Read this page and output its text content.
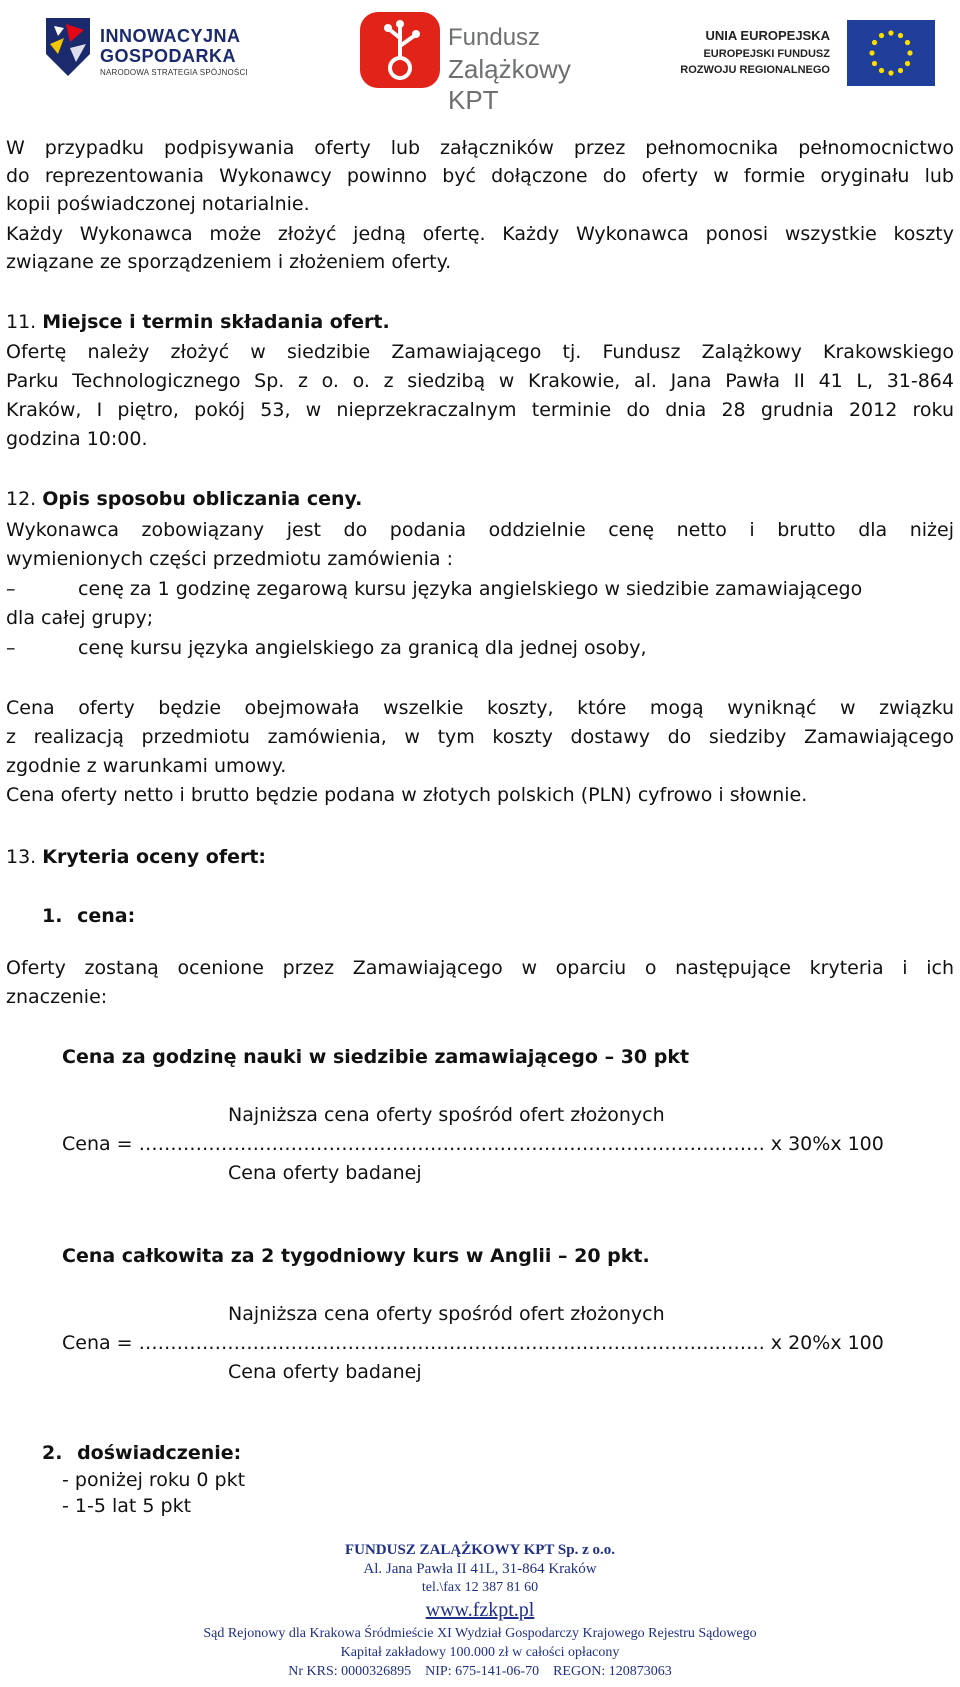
INNOWACYJNA
GOSPODARKA
NARODOWA STRATEGIA SPÓJNOŚCI
Fundusz
Zalążkowy KPT
UNIA EUROPEJSKA
EUROPEJSKI FUNDUSZ
ROZWOJU REGIONALNEGO

W przypadku podpisywania oferty lub załączników przez pełnomocnika pełnomocnictwo

do reprezentowania Wykonawcy powinno być dołączone do oferty w formie oryginału lub

kopii poświadczonej notarialnie.

Każdy Wykonawca może złożyć jedną ofertę. Każdy Wykonawca ponosi wszystkie koszty

związane ze sporządzeniem i złożeniem oferty.

11. Miejsce i termin składania ofert.

Ofertę należy złożyć w siedzibie Zamawiającego tj. Fundusz Zalążkowy Krakowskiego

Parku Technologicznego Sp. z o. o. z siedzibą w Krakowie, al. Jana Pawła II 41 L, 31-864

Kraków, I piętro, pokój 53, w nieprzekraczalnym terminie do dnia 28 grudnia 2012 roku

godzina 10:00.

12. Opis sposobu obliczania ceny.

Wykonawca zobowiązany jest do podania oddzielnie cenę netto i brutto dla niżej

wymienionych części przedmiotu zamówienia :

–	cenę za 1 godzinę zegarową kursu języka angielskiego w siedzibie zamawiającego

dla całej grupy;

–	cenę kursu języka angielskiego za granicą dla jednej osoby,

Cena oferty będzie obejmowała wszelkie koszty, które mogą wyniknąć w związku

z realizacją przedmiotu zamówienia, w tym koszty dostawy do siedziby Zamawiającego

zgodnie z warunkami umowy.

Cena oferty netto i brutto będzie podana w złotych polskich (PLN) cyfrowo i słownie.

13. Kryteria oceny ofert:
1. cena:

Oferty zostaną ocenione przez Zamawiającego w oparciu o następujące kryteria i ich

znaczenie:

Cena za godzinę nauki w siedzibie zamawiającego – 30 pkt
Najniższa cena oferty spośród ofert złożonych
Cena = ………………………………………………………………………………..……. x 30%x 100
Cena oferty badanej
Cena całkowita za 2 tygodniowy kurs w Anglii – 20 pkt.
Najniższa cena oferty spośród ofert złożonych
Cena = ………………………………………………………………………………..……. x 20%x 100
Cena oferty badanej
2. doświadczenie:
- poniżej roku 0 pkt
- 1-5 lat 5 pkt
FUNDUSZ ZALĄŻKOWY KPT Sp. z o.o.
Al. Jana Pawła II 41L, 31-864 Kraków
tel.\fax 12 387 81 60
www.fzkpt.pl
Sąd Rejonowy dla Krakowa Śródmieście XI Wydział Gospodarczy Krajowego Rejestru Sądowego
Kapitał zakładowy 100.000 zł w całości opłacony
Nr KRS: 0000326895    NIP: 675-141-06-70    REGON: 120873063
